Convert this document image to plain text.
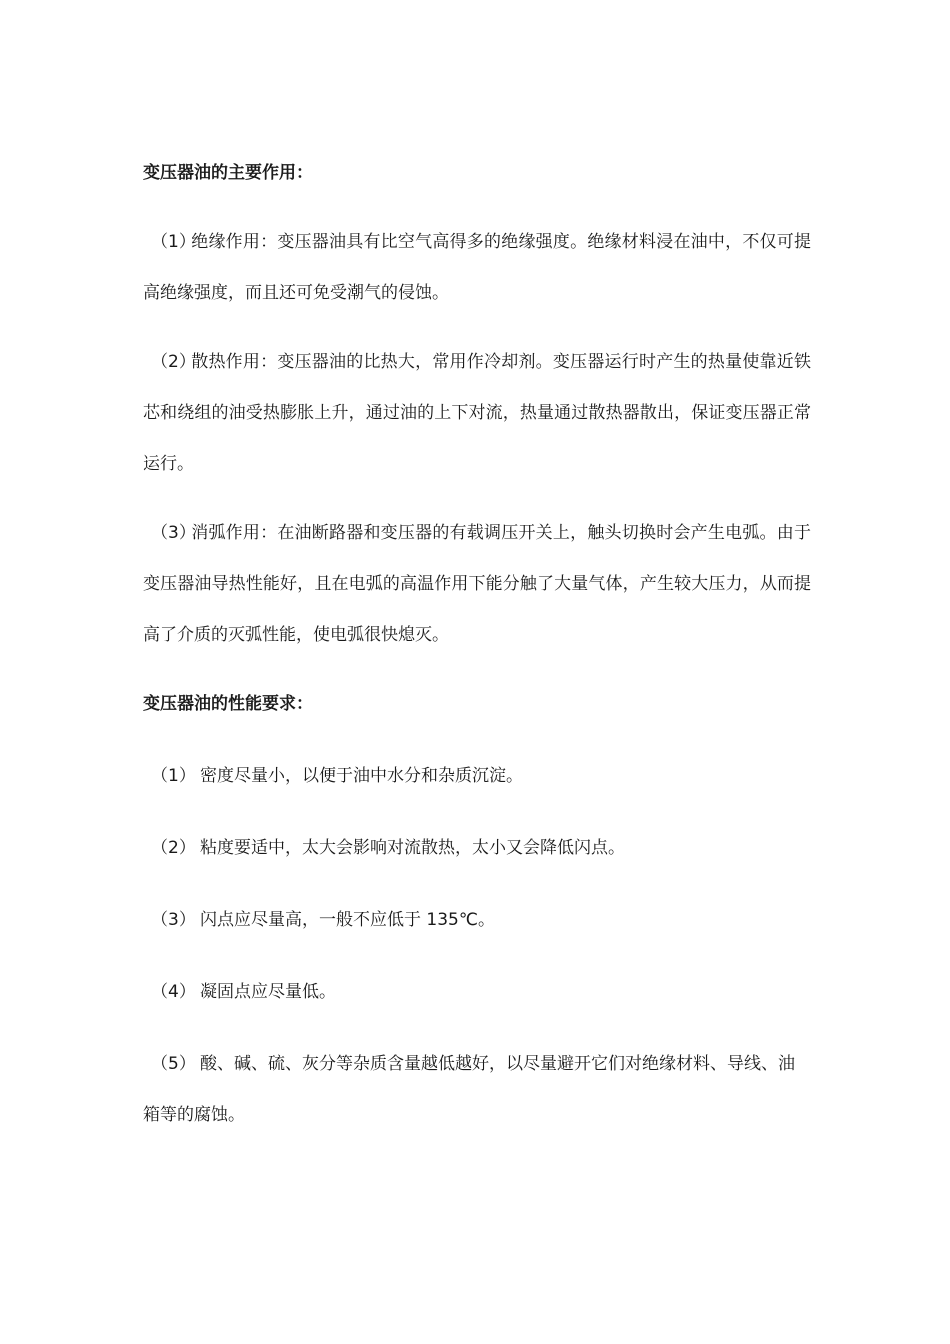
变压器油的主要作用：

（1）绝缘作用：变压器油具有比空气高得多的绝缘强度。绝缘材料浸在油中，不仅可提高绝缘强度，而且还可免受潮气的侵蚀。

（2）散热作用：变压器油的比热大，常用作冷却剂。变压器运行时产生的热量使靠近铁芯和绕组的油受热膨胀上升，通过油的上下对流，热量通过散热器散出，保证变压器正常运行。

（3）消弧作用：在油断路器和变压器的有载调压开关上，触头切换时会产生电弧。由于变压器油导热性能好，且在电弧的高温作用下能分触了大量气体，产生较大压力，从而提高了介质的灭弧性能，使电弧很快熄灭。

变压器油的性能要求：

（1） 密度尽量小，以便于油中水分和杂质沉淀。

（2） 粘度要适中，太大会影响对流散热，太小又会降低闪点。

（3） 闪点应尽量高，一般不应低于 135℃。

（4） 凝固点应尽量低。

（5） 酸、碱、硫、灰分等杂质含量越低越好，以尽量避开它们对绝缘材料、导线、油箱等的腐蚀。
